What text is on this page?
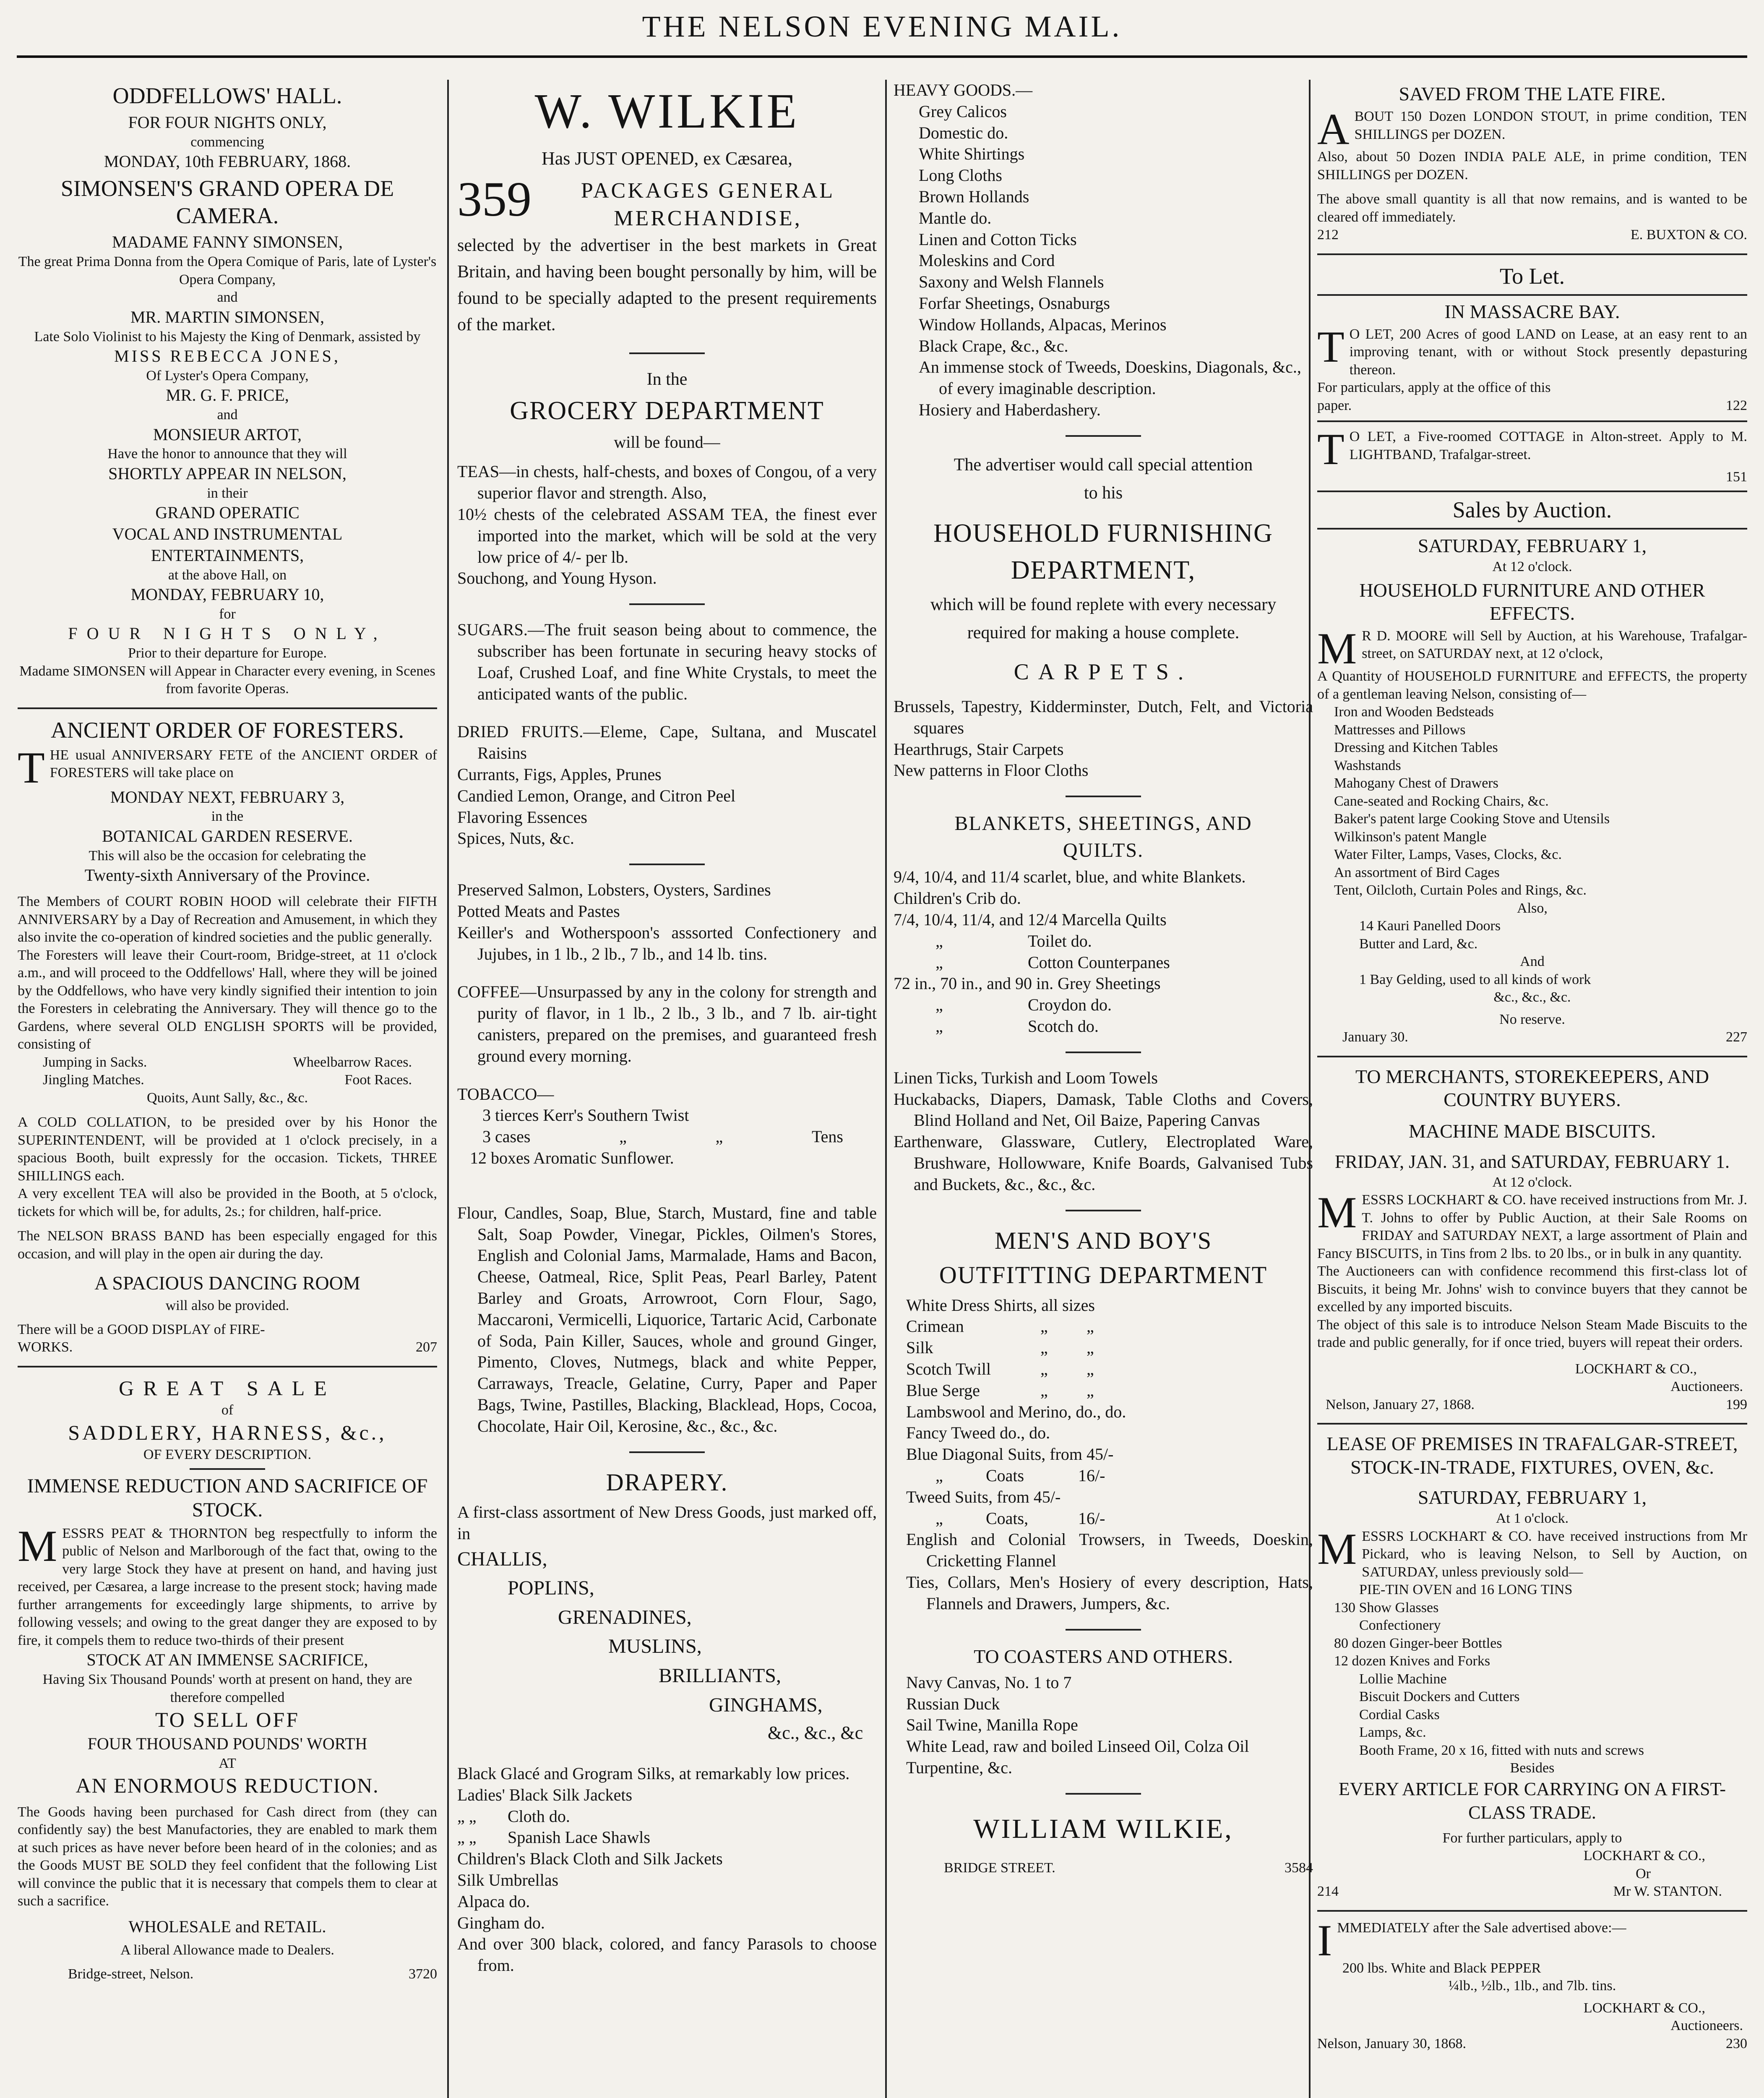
THE NELSON EVENING MAIL.

ODDFELLOWS' HALL.

FOR FOUR NIGHTS ONLY,

commencing

MONDAY, 10th FEBRUARY, 1868.

SIMONSEN'S GRAND OPERA DE CAMERA.

MADAME FANNY SIMONSEN,

The great Prima Donna from the Opera Comique of Paris, late of Lyster's Opera Company,

and

MR. MARTIN SIMONSEN,

Late Solo Violinist to his Majesty the King of Denmark, assisted by

MISS REBECCA JONES,

Of Lyster's Opera Company,

MR. G. F. PRICE,

and

MONSIEUR ARTOT,

Have the honor to announce that they will

SHORTLY APPEAR IN NELSON,

in their

GRAND OPERATIC

VOCAL AND INSTRUMENTAL

ENTERTAINMENTS,

at the above Hall, on

MONDAY, FEBRUARY 10,

for

FOUR NIGHTS ONLY,

Prior to their departure for Europe.

Madame SIMONSEN will Appear in Character every evening, in Scenes from favorite Operas.

ANCIENT ORDER OF FORESTERS.

THE usual ANNIVERSARY FETE of the ANCIENT ORDER of FORESTERS will take place on

MONDAY NEXT, FEBRUARY 3,

in the

BOTANICAL GARDEN RESERVE.

This will also be the occasion for celebrating the

Twenty-sixth Anniversary of the Province.

The Members of COURT ROBIN HOOD will celebrate their FIFTH ANNIVERSARY by a Day of Recreation and Amusement, in which they also invite the co-operation of kindred societies and the public generally.

The Foresters will leave their Court-room, Bridge-street, at 11 o'clock a.m., and will proceed to the Oddfellows' Hall, where they will be joined by the Oddfellows, who have very kindly signified their intention to join the Foresters in celebrating the Anniversary. They will thence go to the Gardens, where several OLD ENGLISH SPORTS will be provided, consisting of

Jumping in Sacks.	Wheelbarrow Races.
Jingling Matches.	Foot Races.

Quoits, Aunt Sally, &c., &c.

A COLD COLLATION, to be presided over by his Honor the SUPERINTENDENT, will be provided at 1 o'clock precisely, in a spacious Booth, built expressly for the occasion. Tickets, THREE SHILLINGS each.

A very excellent TEA will also be provided in the Booth, at 5 o'clock, tickets for which will be, for adults, 2s.; for children, half-price.

The NELSON BRASS BAND has been especially engaged for this occasion, and will play in the open air during the day.

A SPACIOUS DANCING ROOM

will also be provided.

There will be a GOOD DISPLAY of FIRE-

WORKS.	207

GREAT SALE

of

SADDLERY, HARNESS, &c.,

OF EVERY DESCRIPTION.

IMMENSE REDUCTION AND SACRIFICE OF STOCK.

MESSRS PEAT & THORNTON beg respectfully to inform the public of Nelson and Marlborough of the fact that, owing to the very large Stock they have at present on hand, and having just received, per Cæsarea, a large increase to the present stock; having made further arrangements for exceedingly large shipments, to arrive by following vessels; and owing to the great danger they are exposed to by fire, it compels them to reduce two-thirds of their present

STOCK AT AN IMMENSE SACRIFICE,

Having Six Thousand Pounds' worth at present on hand, they are therefore compelled

TO SELL OFF

FOUR THOUSAND POUNDS' WORTH

AT

AN ENORMOUS REDUCTION.

The Goods having been purchased for Cash direct from (they can confidently say) the best Manufactories, they are enabled to mark them at such prices as have never before been heard of in the colonies; and as the Goods MUST BE SOLD they feel confident that the following List will convince the public that it is necessary that compels them to clear at such a sacrifice.

WHOLESALE and RETAIL.

A liberal Allowance made to Dealers.

Bridge-street, Nelson.	3720

W. WILKIE

Has JUST OPENED, ex Cæsarea,

359	PACKAGES GENERAL

MERCHANDISE,

selected by the advertiser in the best markets in Great Britain, and having been bought personally by him, will be found to be specially adapted to the present requirements of the market.

In the

GROCERY DEPARTMENT

will be found—

TEAS—in chests, half-chests, and boxes of Congou, of a very superior flavor and strength. Also,

10½ chests of the celebrated ASSAM TEA, the finest ever imported into the market, which will be sold at the very low price of 4/- per lb.

Souchong, and Young Hyson.

SUGARS.—The fruit season being about to commence, the subscriber has been fortunate in securing heavy stocks of Loaf, Crushed Loaf, and fine White Crystals, to meet the anticipated wants of the public.

DRIED FRUITS.—Eleme, Cape, Sultana, and Muscatel Raisins

Currants, Figs, Apples, Prunes

Candied Lemon, Orange, and Citron Peel

Flavoring Essences

Spices, Nuts, &c.

Preserved Salmon, Lobsters, Oysters, Sardines

Potted Meats and Pastes

Keiller's and Wotherspoon's asssorted Confectionery and Jujubes, in 1 lb., 2 lb., 7 lb., and 14 lb. tins.

COFFEE—Unsurpassed by any in the colony for strength and purity of flavor, in 1 lb., 2 lb., 3 lb., and 7 lb. air-tight canisters, prepared on the premises, and guaranteed fresh ground every morning.

TOBACCO—

3 tierces Kerr's Southern Twist

3 cases	„	„	Tens

12 boxes Aromatic Sunflower.

Flour, Candles, Soap, Blue, Starch, Mustard, fine and table Salt, Soap Powder, Vinegar, Pickles, Oilmen's Stores, English and Colonial Jams, Marmalade, Hams and Bacon, Cheese, Oatmeal, Rice, Split Peas, Pearl Barley, Patent Barley and Groats, Arrowroot, Corn Flour, Sago, Maccaroni, Vermicelli, Liquorice, Tartaric Acid, Carbonate of Soda, Pain Killer, Sauces, whole and ground Ginger, Pimento, Cloves, Nutmegs, black and white Pepper, Carraways, Treacle, Gelatine, Curry, Paper and Paper Bags, Twine, Pastilles, Blacking, Blacklead, Hops, Cocoa, Chocolate, Hair Oil, Kerosine, &c., &c., &c.

DRAPERY.

A first-class assortment of New Dress Goods, just marked off, in

CHALLIS,

POPLINS,

GRENADINES,

MUSLINS,

BRILLIANTS,

GINGHAMS,

&c., &c., &c

Black Glacé and Grogram Silks, at remarkably low prices.

Ladies' Black Silk Jackets

„ „ Cloth do.
„ „ Spanish Lace Shawls

Children's Black Cloth and Silk Jackets

Silk Umbrellas

Alpaca do.

Gingham do.

And over 300 black, colored, and fancy Parasols to choose from.

HEAVY GOODS.—

Grey Calicos

Domestic do.

White Shirtings

Long Cloths

Brown Hollands

Mantle do.

Linen and Cotton Ticks

Moleskins and Cord

Saxony and Welsh Flannels

Forfar Sheetings, Osnaburgs

Window Hollands, Alpacas, Merinos

Black Crape, &c., &c.

An immense stock of Tweeds, Doeskins, Diagonals, &c., of every imaginable description.

Hosiery and Haberdashery.

The advertiser would call special attention

to his

HOUSEHOLD FURNISHING

DEPARTMENT,

which will be found replete with every necessary required for making a house complete.

CARPETS.

Brussels, Tapestry, Kidderminster, Dutch, Felt, and Victoria squares

Hearthrugs, Stair Carpets

New patterns in Floor Cloths

BLANKETS, SHEETINGS, AND

QUILTS.

9/4, 10/4, and 11/4 scarlet, blue, and white Blankets.

Children's Crib do.

7/4, 10/4, 11/4, and 12/4 Marcella Quilts

„	Toilet do.
„	Cotton Counterpanes

72 in., 70 in., and 90 in. Grey Sheetings

„	Croydon do.
„	Scotch do.

Linen Ticks, Turkish and Loom Towels

Huckabacks, Diapers, Damask, Table Cloths and Covers, Blind Holland and Net, Oil Baize, Papering Canvas

Earthenware, Glassware, Cutlery, Electroplated Ware, Brushware, Hollowware, Knife Boards, Galvanised Tubs and Buckets, &c., &c., &c.

MEN'S AND BOY'S

OUTFITTING DEPARTMENT

White Dress Shirts, all sizes

Crimean	„ „
Silk	„ „
Scotch Twill	„ „
Blue Serge	„ „

Lambswool and Merino, do., do.

Fancy Tweed do., do.

Blue Diagonal Suits, from 45/-

„	Coats	16/-

Tweed Suits, from 45/-

„	Coats,	16/-

English and Colonial Trowsers, in Tweeds, Doeskin, Cricketting Flannel

Ties, Collars, Men's Hosiery of every description, Hats, Flannels and Drawers, Jumpers, &c.

TO COASTERS AND OTHERS.

Navy Canvas, No. 1 to 7

Russian Duck

Sail Twine, Manilla Rope

White Lead, raw and boiled Linseed Oil, Colza Oil

Turpentine, &c.

WILLIAM WILKIE,

BRIDGE STREET.	3584

SAVED FROM THE LATE FIRE.

ABOUT 150 Dozen LONDON STOUT, in prime condition, TEN SHILLINGS per DOZEN.

Also, about 50 Dozen INDIA PALE ALE, in prime condition, TEN SHILLINGS per DOZEN.

The above small quantity is all that now remains, and is wanted to be cleared off immediately.

212	E. BUXTON & CO.

To Let.

IN MASSACRE BAY.

T O LET, 200 Acres of good LAND on Lease, at an easy rent to an improving tenant, with or without Stock presently depasturing thereon.

For particulars, apply at the office of this

paper.	122

T O LET, a Five-roomed COTTAGE in Alton-street. Apply to M. LIGHTBAND, Trafalgar-street.

151

Sales by Auction.

SATURDAY, FEBRUARY 1,

At 12 o'clock.

HOUSEHOLD FURNITURE AND OTHER EFFECTS.

M R D. MOORE will Sell by Auction, at his Warehouse, Trafalgar-street, on SATURDAY next, at 12 o'clock,

A Quantity of HOUSEHOLD FURNITURE and EFFECTS, the property of a gentleman leaving Nelson, consisting of—

Iron and Wooden Bedsteads

Mattresses and Pillows

Dressing and Kitchen Tables

Washstands

Mahogany Chest of Drawers

Cane-seated and Rocking Chairs, &c.

Baker's patent large Cooking Stove and Utensils

Wilkinson's patent Mangle

Water Filter, Lamps, Vases, Clocks, &c.

An assortment of Bird Cages

Tent, Oilcloth, Curtain Poles and Rings, &c.

Also,

14 Kauri Panelled Doors

Butter and Lard, &c.

And

1 Bay Gelding, used to all kinds of work

&c., &c., &c.

No reserve.

January 30.	227

TO MERCHANTS, STOREKEEPERS, AND COUNTRY BUYERS.

MACHINE MADE BISCUITS.

FRIDAY, JAN. 31, and SATURDAY, FEBRUARY 1.

At 12 o'clock.

MESSRS LOCKHART & CO. have received instructions from Mr. J. T. Johns to offer by Public Auction, at their Sale Rooms on FRIDAY and SATURDAY NEXT, a large assortment of Plain and Fancy BISCUITS, in Tins from 2 lbs. to 20 lbs., or in bulk in any quantity.

The Auctioneers can with confidence recommend this first-class lot of Biscuits, it being Mr. Johns' wish to convince buyers that they cannot be excelled by any imported biscuits.

The object of this sale is to introduce Nelson Steam Made Biscuits to the trade and public generally, for if once tried, buyers will repeat their orders.

LOCKHART & CO.,

Auctioneers.

Nelson, January 27, 1868.	199

LEASE OF PREMISES IN TRAFALGAR-STREET, STOCK-IN-TRADE, FIXTURES, OVEN, &c.

SATURDAY, FEBRUARY 1,

At 1 o'clock.

MESSRS LOCKHART & CO. have received instructions from Mr Pickard, who is leaving Nelson, to Sell by Auction, on SATURDAY, unless previously sold—

PIE-TIN OVEN and 16 LONG TINS

130 Show Glasses

Confectionery

80 dozen Ginger-beer Bottles

12 dozen Knives and Forks

Lollie Machine

Biscuit Dockers and Cutters

Cordial Casks

Lamps, &c.

Booth Frame, 20 x 16, fitted with nuts and screws

Besides

EVERY ARTICLE FOR CARRYING ON A FIRST-CLASS TRADE.

For further particulars, apply to

LOCKHART & CO.,

Or

214	Mr W. STANTON.

IMMEDIATELY after the Sale advertised above:—

200 lbs. White and Black PEPPER

¼lb., ½lb., 1lb., and 7lb. tins.

LOCKHART & CO.,

Auctioneers.

Nelson, January 30, 1868.	230
